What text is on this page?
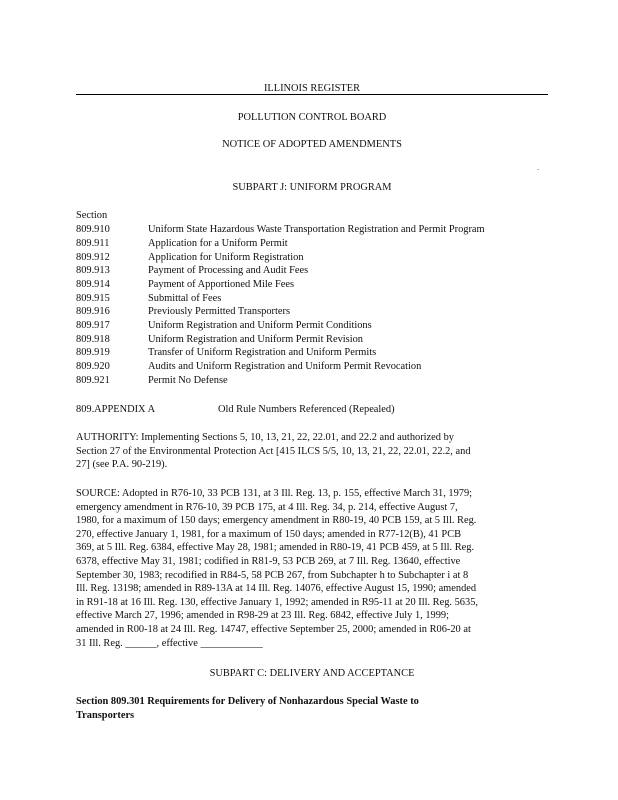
ILLINOIS REGISTER
POLLUTION CONTROL BOARD
NOTICE OF ADOPTED AMENDMENTS
.
SUBPART J: UNIFORM PROGRAM
Section
809.910	Uniform State Hazardous Waste Transportation Registration and Permit Program
809.911	Application for a Uniform Permit
809.912	Application for Uniform Registration
809.913	Payment of Processing and Audit Fees
809.914	Payment of Apportioned Mile Fees
809.915	Submittal of Fees
809.916	Previously Permitted Transporters
809.917	Uniform Registration and Uniform Permit Conditions
809.918	Uniform Registration and Uniform Permit Revision
809.919	Transfer of Uniform Registration and Uniform Permits
809.920	Audits and Uniform Registration and Uniform Permit Revocation
809.921	Permit No Defense
809.APPENDIX A	Old Rule Numbers Referenced (Repealed)
AUTHORITY: Implementing Sections 5, 10, 13, 21, 22, 22.01, and 22.2 and authorized by
Section 27 of the Environmental Protection Act [415 ILCS 5/5, 10, 13, 21, 22, 22.01, 22.2, and
27] (see P.A. 90-219).
SOURCE: Adopted in R76-10, 33 PCB 131, at 3 Ill. Reg. 13, p. 155, effective March 31, 1979;
emergency amendment in R76-10, 39 PCB 175, at 4 Ill. Reg. 34, p. 214, effective August 7,
1980, for a maximum of 150 days; emergency amendment in R80-19, 40 PCB 159, at 5 Ill. Reg.
270, effective January 1, 1981, for a maximum of 150 days; amended in R77-12(B), 41 PCB
369, at 5 Ill. Reg. 6384, effective May 28, 1981; amended in R80-19, 41 PCB 459, at 5 Ill. Reg.
6378, effective May 31, 1981; codified in R81-9, 53 PCB 269, at 7 Ill. Reg. 13640, effective
September 30, 1983; recodified in R84-5, 58 PCB 267, from Subchapter h to Subchapter i at 8
Ill. Reg. 13198; amended in R89-13A at 14 Ill. Reg. 14076, effective August 15, 1990; amended
in R91-18 at 16 Ill. Reg. 130, effective January 1, 1992; amended in R95-11 at 20 Ill. Reg. 5635,
effective March 27, 1996; amended in R98-29 at 23 Ill. Reg. 6842, effective July 1, 1999;
amended in R00-18 at 24 Ill. Reg. 14747, effective September 25, 2000; amended in R06-20 at
31 Ill. Reg. ______, effective ____________
SUBPART C: DELIVERY AND ACCEPTANCE
Section 809.301 Requirements for Delivery of Nonhazardous Special Waste to
Transporters
